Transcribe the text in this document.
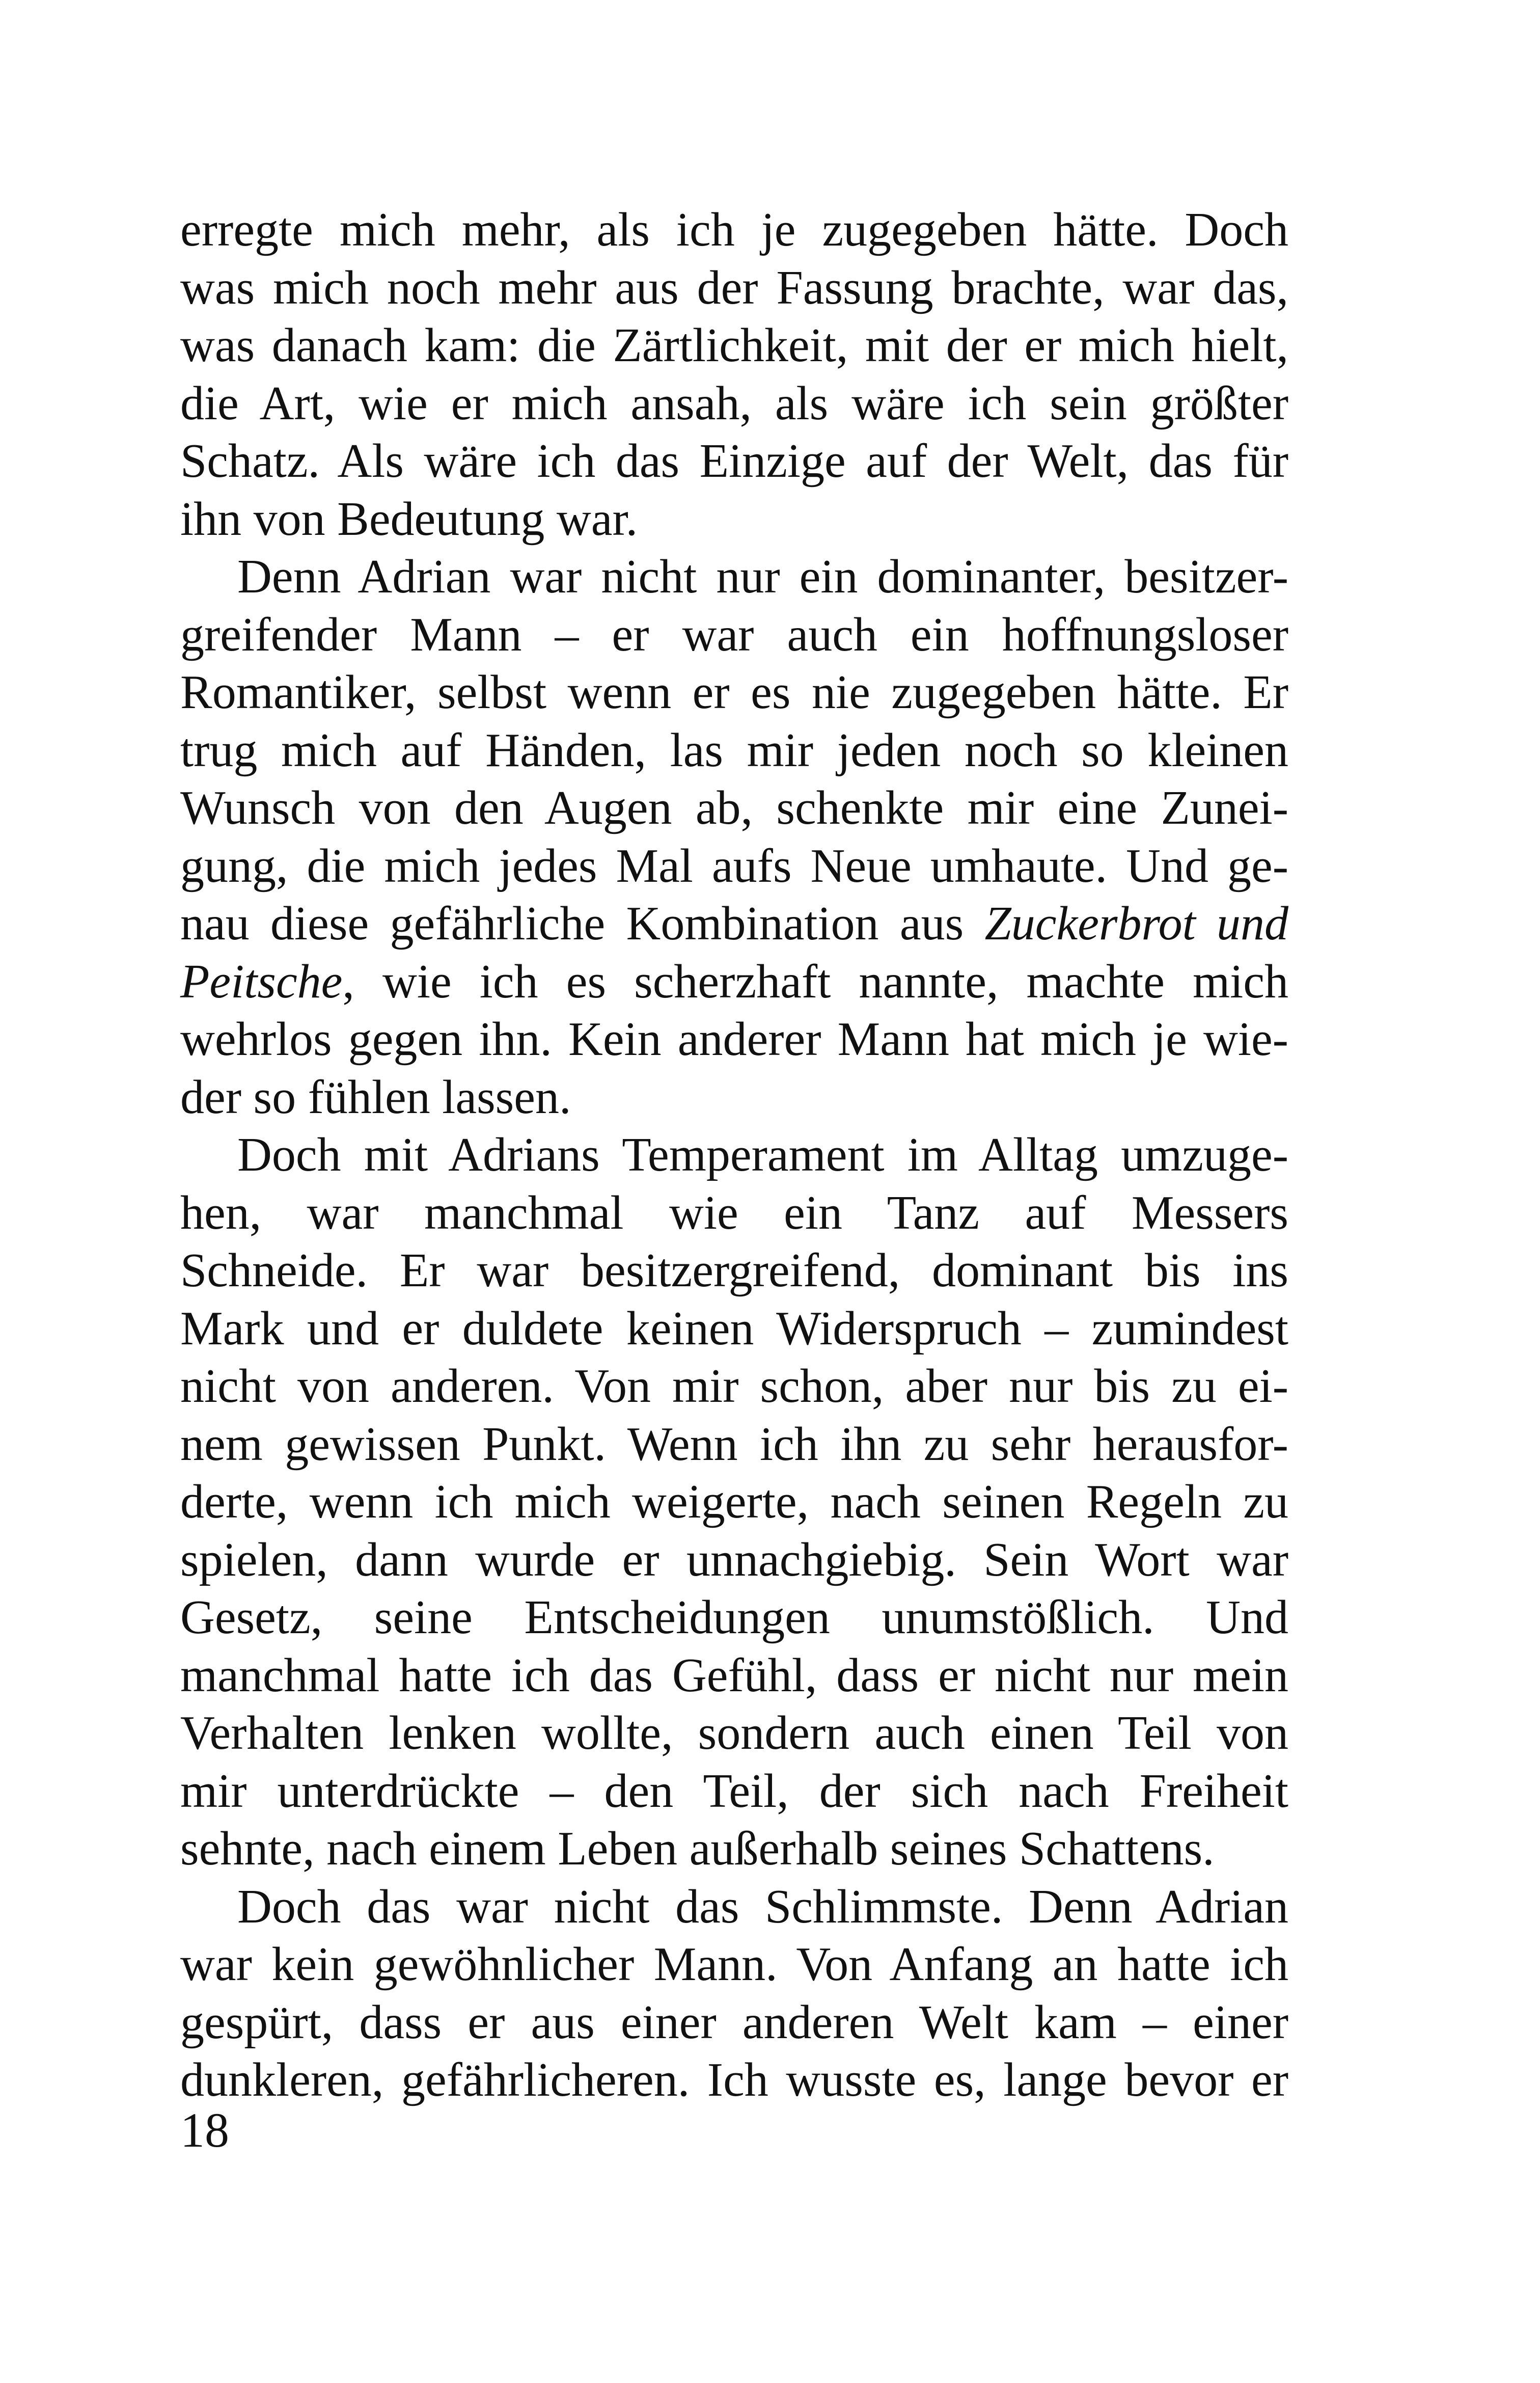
erregte mich mehr, als ich je zugegeben hätte. Doch
was mich noch mehr aus der Fassung brachte, war das,
was danach kam: die Zärtlichkeit, mit der er mich hielt,
die Art, wie er mich ansah, als wäre ich sein größter
Schatz. Als wäre ich das Einzige auf der Welt, das für
ihn von Bedeutung war.
Denn Adrian war nicht nur ein dominanter, besitzer-
greifender Mann – er war auch ein hoffnungsloser
Romantiker, selbst wenn er es nie zugegeben hätte. Er
trug mich auf Händen, las mir jeden noch so kleinen
Wunsch von den Augen ab, schenkte mir eine Zunei-
gung, die mich jedes Mal aufs Neue umhaute. Und ge-
nau diese gefährliche Kombination aus Zuckerbrot und
Peitsche, wie ich es scherzhaft nannte, machte mich
wehrlos gegen ihn. Kein anderer Mann hat mich je wie-
der so fühlen lassen.
Doch mit Adrians Temperament im Alltag umzuge-
hen, war manchmal wie ein Tanz auf Messers
Schneide. Er war besitzergreifend, dominant bis ins
Mark und er duldete keinen Widerspruch – zumindest
nicht von anderen. Von mir schon, aber nur bis zu ei-
nem gewissen Punkt. Wenn ich ihn zu sehr herausfor-
derte, wenn ich mich weigerte, nach seinen Regeln zu
spielen, dann wurde er unnachgiebig. Sein Wort war
Gesetz, seine Entscheidungen unumstößlich. Und
manchmal hatte ich das Gefühl, dass er nicht nur mein
Verhalten lenken wollte, sondern auch einen Teil von
mir unterdrückte – den Teil, der sich nach Freiheit
sehnte, nach einem Leben außerhalb seines Schattens.
Doch das war nicht das Schlimmste. Denn Adrian
war kein gewöhnlicher Mann. Von Anfang an hatte ich
gespürt, dass er aus einer anderen Welt kam – einer
dunkleren, gefährlicheren. Ich wusste es, lange bevor er
18
